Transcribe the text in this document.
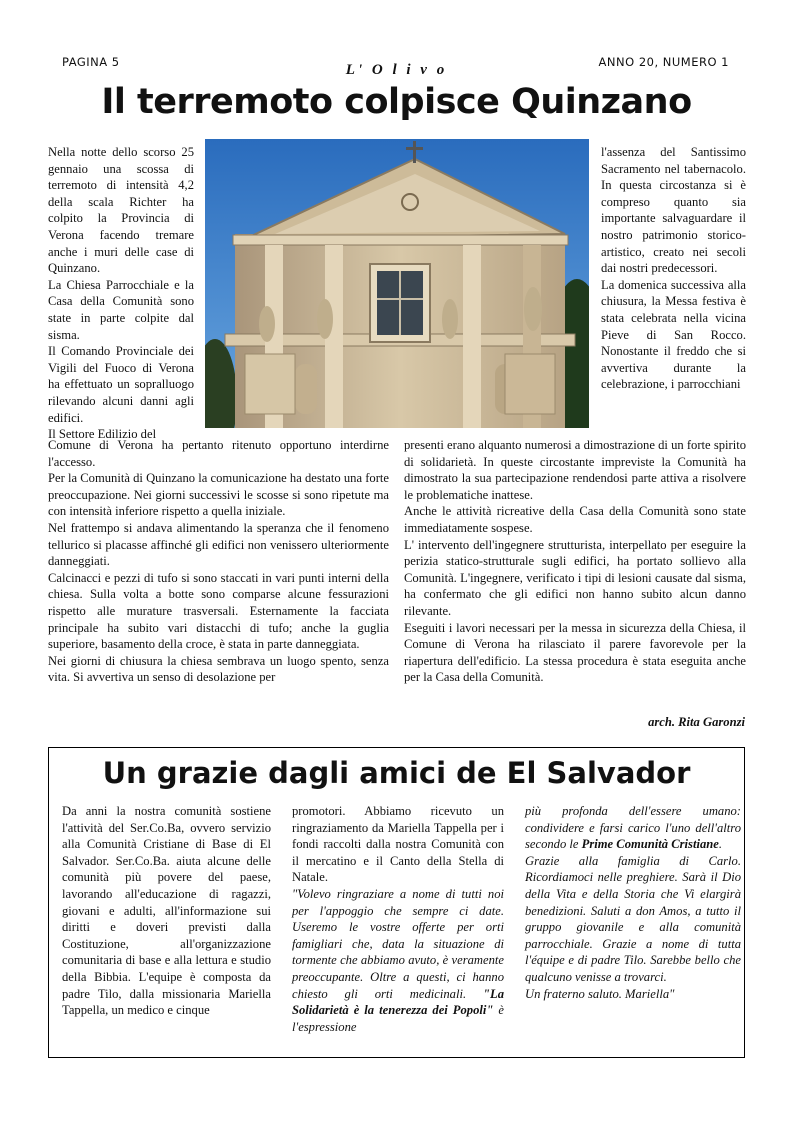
PAGINA 5	L' O l i v o	ANNO 20, NUMERO 1
Il terremoto colpisce Quinzano

Nella notte dello scorso 25 gennaio una scossa di terremoto di intensità 4,2 della scala Richter ha colpito la Provincia di Verona facendo tremare anche i muri delle case di Quinzano.

La Chiesa Parrocchiale e la Casa della Comunità sono state in parte colpite dal sisma.

Il Comando Provinciale dei Vigili del Fuoco di Verona ha effettuato un sopralluogo rilevando alcuni danni agli edifici.

Il Settore Edilizio del

l'assenza del Santissimo Sacramento nel tabernacolo. In questa circostanza si è compreso quanto sia importante salvaguardare il nostro patrimonio storico-artistico, creato nei secoli dai nostri predecessori.

La domenica successiva alla chiusura, la Messa festiva è stata celebrata nella vicina Pieve di San Rocco. Nonostante il freddo che si avvertiva durante la celebrazione, i parrocchiani

Comune di Verona ha pertanto ritenuto opportuno interdirne l'accesso.

Per la Comunità di Quinzano la comunicazione ha destato una forte preoccupazione. Nei giorni successivi le scosse si sono ripetute ma con intensità inferiore rispetto a quella iniziale.

Nel frattempo si andava alimentando la speranza che il fenomeno tellurico si placasse affinché gli edifici non venissero ulteriormente danneggiati.

Calcinacci e pezzi di tufo si sono staccati in vari punti interni della chiesa. Sulla volta a botte sono comparse alcune fessurazioni rispetto alle murature trasversali. Esternamente la facciata principale ha subito vari distacchi di tufo; anche la guglia superiore, basamento della croce, è stata in parte danneggiata.

Nei giorni di chiusura la chiesa sembrava un luogo spento, senza vita. Si avvertiva un senso di desolazione per

presenti erano alquanto numerosi a dimostrazione di un forte spirito di solidarietà. In queste circostante impreviste la Comunità ha dimostrato la sua partecipazione rendendosi parte attiva a risolvere le problematiche inattese.

Anche le attività ricreative della Casa della Comunità sono state immediatamente sospese.

L' intervento dell'ingegnere strutturista, interpellato per eseguire la perizia statico-strutturale sugli edifici, ha portato sollievo alla Comunità. L'ingegnere, verificato i tipi di lesioni causate dal sisma, ha confermato che gli edifici non hanno subito alcun danno rilevante.

Eseguiti i lavori necessari per la messa in sicurezza della Chiesa, il Comune di Verona ha rilasciato il parere favorevole per la riapertura dell'edificio. La stessa procedura è stata eseguita anche per la Casa della Comunità.

arch. Rita Garonzi
Un grazie dagli amici de El Salvador
Da anni la nostra comunità sostiene l'attività del Ser.Co.Ba, ovvero servizio alla Comunità Cristiane di Base di El Salvador. Ser.Co.Ba. aiuta alcune delle comunità più povere del paese, lavorando all'educazione di ragazzi, giovani e adulti, all'informazione sui diritti e doveri previsti dalla Costituzione, all'organizzazione comunitaria di base e alla lettura e studio della Bibbia. L'equipe è composta da padre Tilo, dalla missionaria Mariella Tappella, un medico e cinque

promotori. Abbiamo ricevuto un ringraziamento da Mariella Tappella per i fondi raccolti dalla nostra Comunità con il mercatino e il Canto della Stella di Natale.

"Volevo ringraziare a nome di tutti noi per l'appoggio che sempre ci date. Useremo le vostre offerte per orti famigliari che, data la situazione di tormente che abbiamo avuto, è veramente preoccupante. Oltre a questi, ci hanno chiesto gli orti medicinali. "La Solidarietà è la tenerezza dei Popoli" è l'espressione

più profonda dell'essere umano: condividere e farsi carico l'uno dell'altro secondo le Prime Comunità Cristiane.

Grazie alla famiglia di Carlo. Ricordiamoci nelle preghiere. Sarà il Dio della Vita e della Storia che Vi elargirà benedizioni. Saluti a don Amos, a tutto il gruppo giovanile e alla comunità parrocchiale. Grazie a nome di tutta l'équipe e di padre Tilo. Sarebbe bello che qualcuno venisse a trovarci.

Un fraterno saluto. Mariella"
